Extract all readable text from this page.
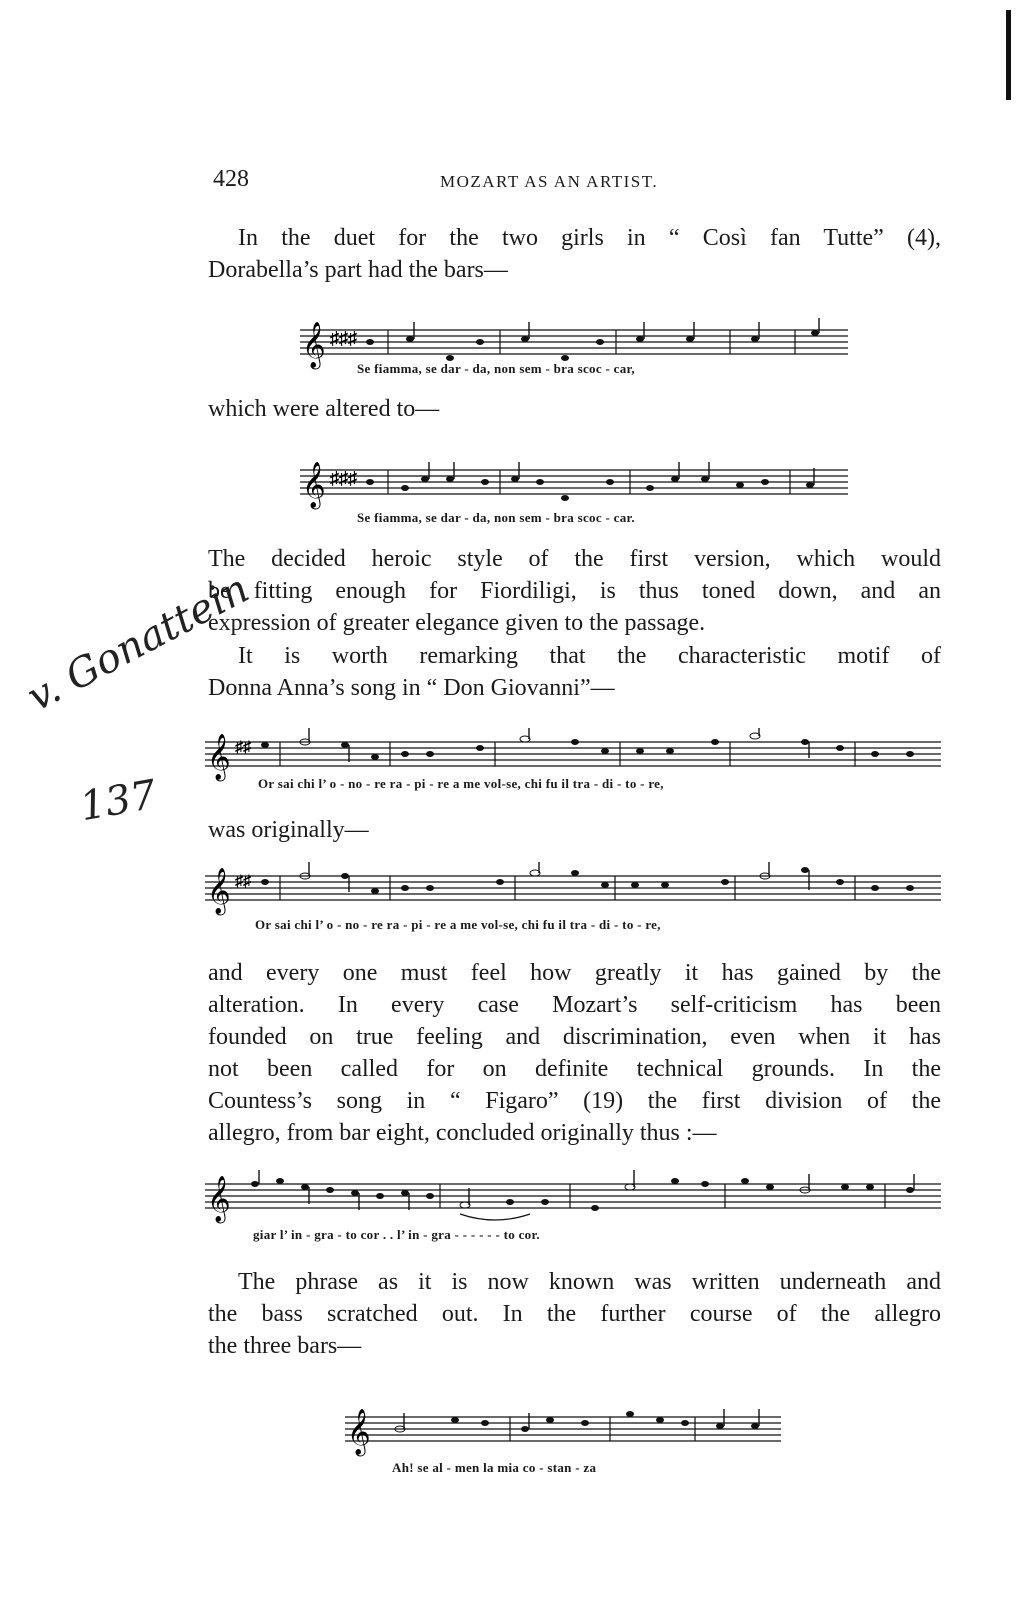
428	MOZART AS AN ARTIST.
In the duet for the two girls in “ Così fan Tutte” (4),
Dorabella’s part had the bars—
𝄞 ♯♯♯
Se fiamma, se dar - da, non sem - bra scoc - car,
which were altered to—
𝄞 ♯♯♯
Se fiamma, se dar - da, non sem - bra scoc - car.
The decided heroic style of the first version, which would
be fitting enough for Fiordiligi, is thus toned down, and an
expression of greater elegance given to the passage.
It is worth remarking that the characteristic motif of
Donna Anna’s song in “ Don Giovanni”—
𝄞 ♯♯
Or sai chi l’ o - no - re ra - pi - re a me vol-se, chi fu il tra - di - to - re,
was originally—
𝄞 ♯♯
Or sai chi l’ o - no - re ra - pi - re a me vol-se, chi fu il tra - di - to - re,
and every one must feel how greatly it has gained by the
alteration. In every case Mozart’s self-criticism has been
founded on true feeling and discrimination, even when it has
not been called for on definite technical grounds. In the
Countess’s song in “ Figaro” (19) the first division of the
allegro, from bar eight, concluded originally thus :—
𝄞
giar l’ in - gra - to cor . . l’ in - gra - - - - - - to cor.
The phrase as it is now known was written underneath and
the bass scratched out. In the further course of the allegro
the three bars—
𝄞
Ah! se al - men la mia co - stan - za
v. Gonattein
137
